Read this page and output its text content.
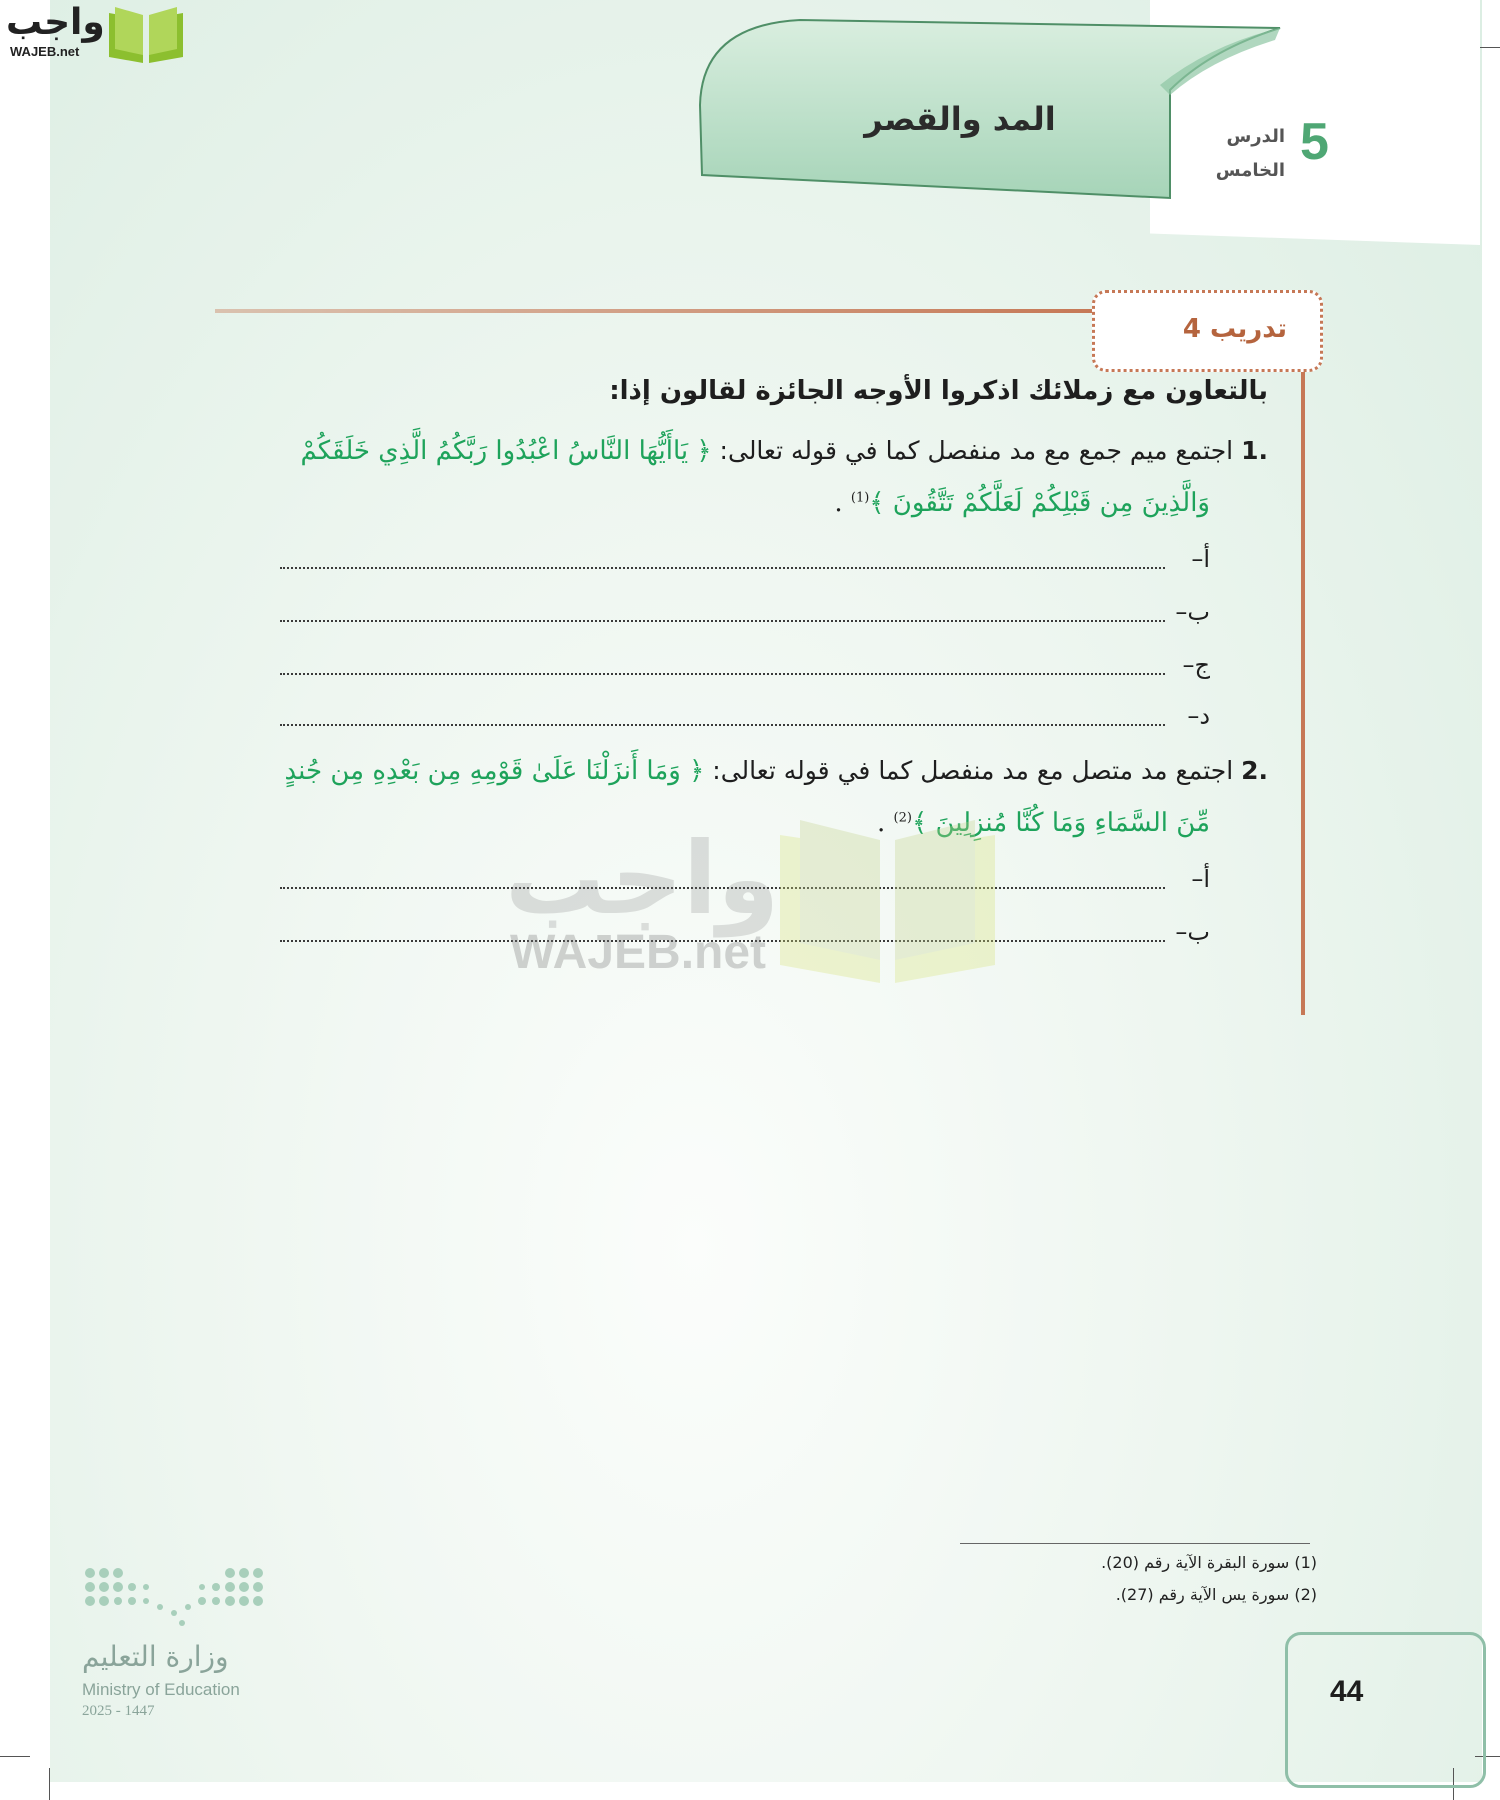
واجب
WAJEB.net
المد والقصر	5
الدرس
الخامس
تدريب 4
بالتعاون مع زملائك اذكروا الأوجه الجائزة لقالون إذا:
.1 اجتمع ميم جمع مع مد منفصل كما في قوله تعالى: ﴿ يَاأَيُّهَا النَّاسُ اعْبُدُوا رَبَّكُمُ الَّذِي خَلَقَكُمْ
وَالَّذِينَ مِن قَبْلِكُمْ لَعَلَّكُمْ تَتَّقُونَ ﴾$^{(1)}$ .
أ–
ب–
ج–
د–
.2 اجتمع مد متصل مع مد منفصل كما في قوله تعالى: ﴿ وَمَا أَنزَلْنَا عَلَىٰ قَوْمِهِ مِن بَعْدِهِ مِن جُندٍ
مِّنَ السَّمَاءِ وَمَا كُنَّا مُنزِلِينَ ﴾$^{(2)}$ .
أ–
ب–
واجب
WAJEB.net
(1) سورة البقرة الآية رقم (20).
(2) سورة يس الآية رقم (27).
وزارة التعليم
Ministry of Education
2025 - 1447
44
